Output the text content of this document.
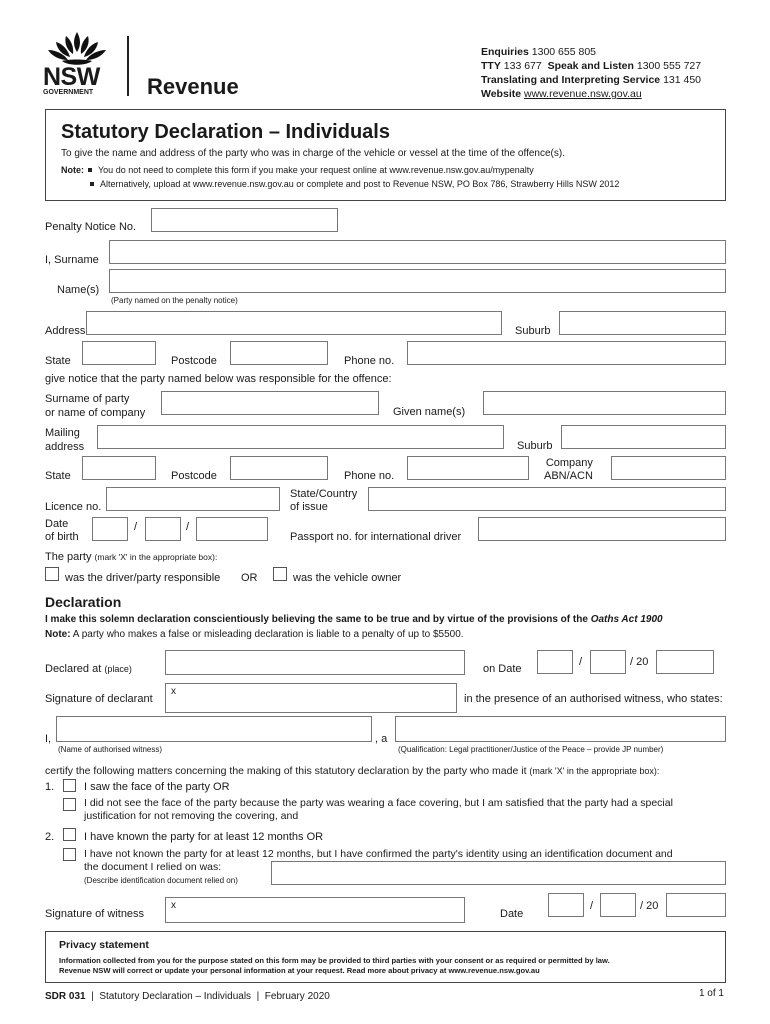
NSW
GOVERNMENT Revenue
Enquiries 1300 655 805
TTY 133 677 Speak and Listen 1300 555 727
Translating and Interpreting Service 131 450
Website www.revenue.nsw.gov.au
Statutory Declaration – Individuals
To give the name and address of the party who was in charge of the vehicle or vessel at the time of the offence(s).
Note: You do not need to complete this form if you make your request online at www.revenue.nsw.gov.au/mypenalty
Alternatively, upload at www.revenue.nsw.gov.au or complete and post to Revenue NSW, PO Box 786, Strawberry Hills NSW 2012
Penalty Notice No.
I, Surname
Name(s)
(Party named on the penalty notice)
Address	Suburb
State	Postcode	Phone no.
give notice that the party named below was responsible for the offence:
Surname of party
or name of company	Given name(s)
Mailing
address	Suburb
State	Postcode	Phone no.
Company
ABN/ACN
Licence no.
State/Country
of issue
Date
of birth
/	/
Passport no. for international driver
The party (mark 'X' in the appropriate box):
was the driver/party responsible OR	was the vehicle owner
Declaration
I make this solemn declaration conscientiously believing the same to be true and by virtue of the provisions of the Oaths Act 1900
Note: A party who makes a false or misleading declaration is liable to a penalty of up to $5500.
Declared at (place)	on Date
/	/ 20
Signature of declarant
x
in the presence of an authorised witness, who states:
I,	, a
(Name of authorised witness)	(Qualification: Legal practitioner/Justice of the Peace – provide JP number)
certify the following matters concerning the making of this statutory declaration by the party who made it (mark 'X' in the appropriate box):
1.	I saw the face of the party OR
I did not see the face of the party because the party was wearing a face covering, but I am satisfied that the party had a special
justification for not removing the covering, and
2.	I have known the party for at least 12 months OR
I have not known the party for at least 12 months, but I have confirmed the party's identity using an identification document and
the document I relied on was:
(Describe identification document relied on)
Signature of witness
x
Date
/	/ 20
Privacy statement
Information collected from you for the purpose stated on this form may be provided to third parties with your consent or as required or permitted by law.
Revenue NSW will correct or update your personal information at your request. Read more about privacy at www.revenue.nsw.gov.au
SDR 031 | Statutory Declaration – Individuals | February 2020	1 of 1
